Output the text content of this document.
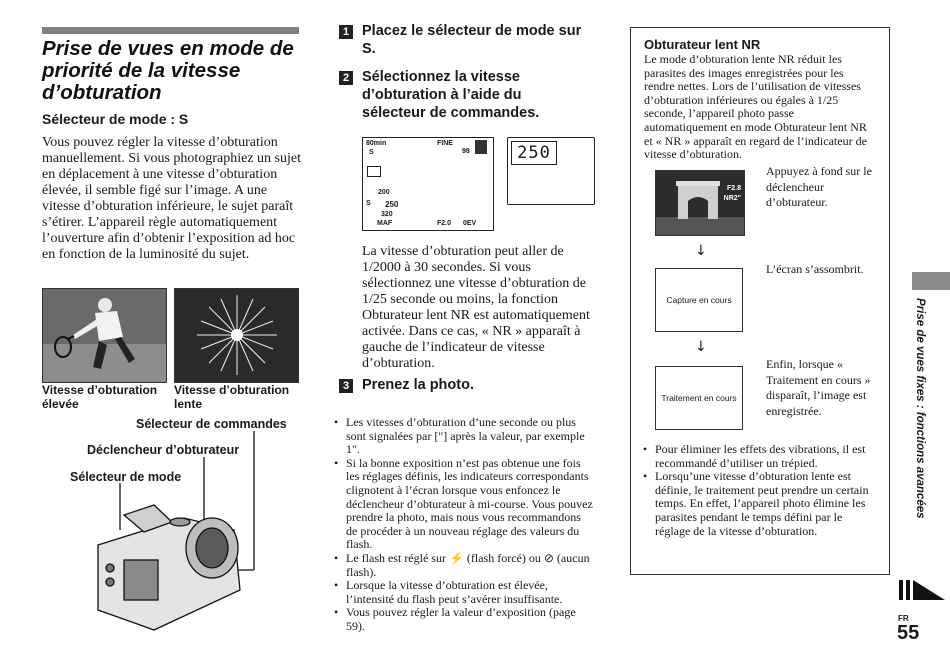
Prise de vues en mode de priorité de la vitesse d’obturation
Sélecteur de mode : S
Vous pouvez régler la vitesse d’obturation manuellement. Si vous photographiez un sujet en déplacement à une vitesse d’obturation élevée, il semble figé sur l’image. A une vitesse d’obturation inférieure, le sujet paraît s’étirer. L’appareil règle automatiquement l’ouverture afin d’obtenir l’exposition ad hoc en fonction de la luminosité du sujet.
Vitesse d’obturation élevée
Vitesse d’obturation lente
Sélecteur de commandes
Déclencheur d’obturateur
Sélecteur de mode
1 Placez le sélecteur de mode sur S.
2 Sélectionnez la vitesse d’obturation à l’aide du sélecteur de commandes.
80min
S
FINE
98
200
250
320
S
MAF	F2.0 0EV
250
La vitesse d’obturation peut aller de 1/2000 à 30 secondes. Si vous sélectionnez une vitesse d’obturation de 1/25 seconde ou moins, la fonction Obturateur lent NR est automatiquement activée. Dans ce cas, « NR » apparaît à gauche de l’indicateur de vitesse d’obturation.
3 Prenez la photo.
• Les vitesses d’obturation d’une seconde ou plus sont signalées par ["] après la valeur, par exemple 1".
• Si la bonne exposition n’est pas obtenue une fois les réglages définis, les indicateurs correspondants clignotent à l’écran lorsque vous enfoncez le déclencheur d’obturateur à mi-course. Vous pouvez prendre la photo, mais nous vous recommandons de procéder à un nouveau réglage des valeurs du flash.
• Le flash est réglé sur ⚡ (flash forcé) ou ⊘ (aucun flash).
• Lorsque la vitesse d’obturation est élevée, l’intensité du flash peut s’avérer insuffisante.
• Vous pouvez régler la valeur d’exposition (page 59).
Obturateur lent NR
Le mode d’obturation lente NR réduit les parasites des images enregistrées pour les rendre nettes. Lors de l’utilisation de vitesses d’obturation inférieures ou égales à 1/25 seconde, l’appareil photo passe automatiquement en mode Obturateur lent NR et « NR » apparaît en regard de l’indicateur de vitesse d’obturation.
F2.8
NR2"
Appuyez à fond sur le déclencheur d’obturateur.
↓
Capture en cours
L’écran s’assombrit.
↓
Traitement en cours
Enfin, lorsque « Traitement en cours » disparaît, l’image est enregistrée.
• Pour éliminer les effets des vibrations, il est recommandé d’utiliser un trépied.
• Lorsqu’une vitesse d’obturation lente est définie, le traitement peut prendre un certain temps. En effet, l’appareil photo élimine les parasites pendant le temps défini par le réglage de la vitesse d’obturation.
Prise de vues fixes : fonctions avancées
FR
55
